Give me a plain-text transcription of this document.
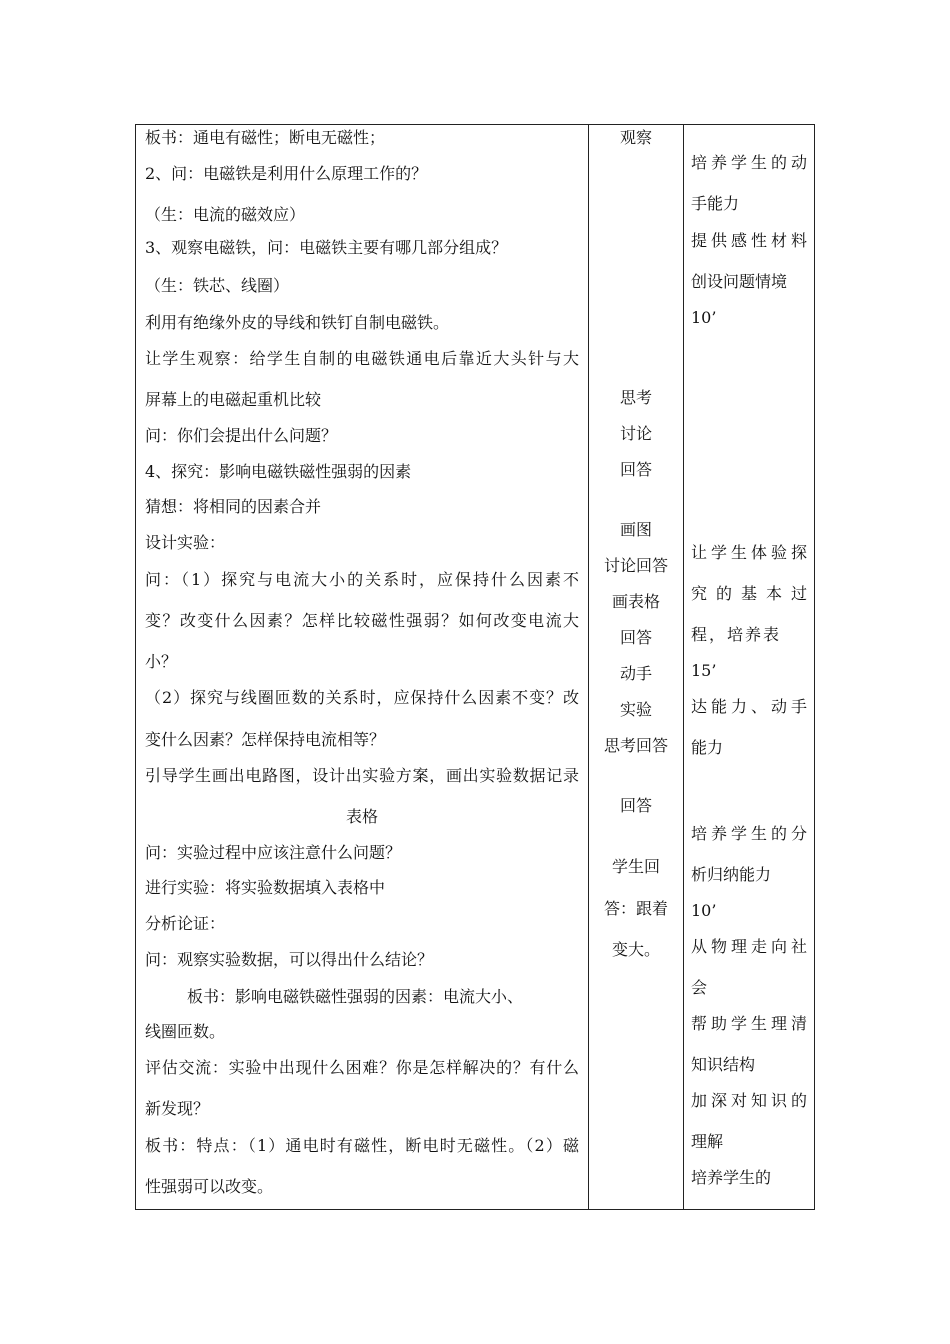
板书：通电有磁性；断电无磁性；
2、问：电磁铁是利用什么原理工作的？
（生：电流的磁效应）
3、观察电磁铁，问：电磁铁主要有哪几部分组成？
（生：铁芯、线圈）
利用有绝缘外皮的导线和铁钉自制电磁铁。
让学生观察：给学生自制的电磁铁通电后靠近大头针与大
屏幕上的电磁起重机比较
问：你们会提出什么问题？
4、探究：影响电磁铁磁性强弱的因素
猜想：将相同的因素合并
设计实验：
问：（1）探究与电流大小的关系时，应保持什么因素不
变？改变什么因素？怎样比较磁性强弱？如何改变电流大
小？
（2）探究与线圈匝数的关系时，应保持什么因素不变？改
变什么因素？怎样保持电流相等？
引导学生画出电路图，设计出实验方案，画出实验数据记录
表格
问：实验过程中应该注意什么问题？
进行实验：将实验数据填入表格中
分析论证：
问：观察实验数据，可以得出什么结论？
板书：影响电磁铁磁性强弱的因素：电流大小、
线圈匝数。
评估交流：实验中出现什么困难？你是怎样解决的？有什么
新发现？
板书：特点：（1）通电时有磁性，断电时无磁性。（2）磁
性强弱可以改变。
观察
思考
讨论
回答
画图
讨论回答
画表格
回答
动手
实验
思考回答
回答
学生回
答：跟着
变大。
培养学生的动
手能力
提供感性材料
创设问题情境
10’
让学生体验探
究的基本过
程，培养表
15’
达能力、动手
能力
培养学生的分
析归纳能力
10’
从物理走向社
会
帮助学生理清
知识结构
加深对知识的
理解
培养学生的
